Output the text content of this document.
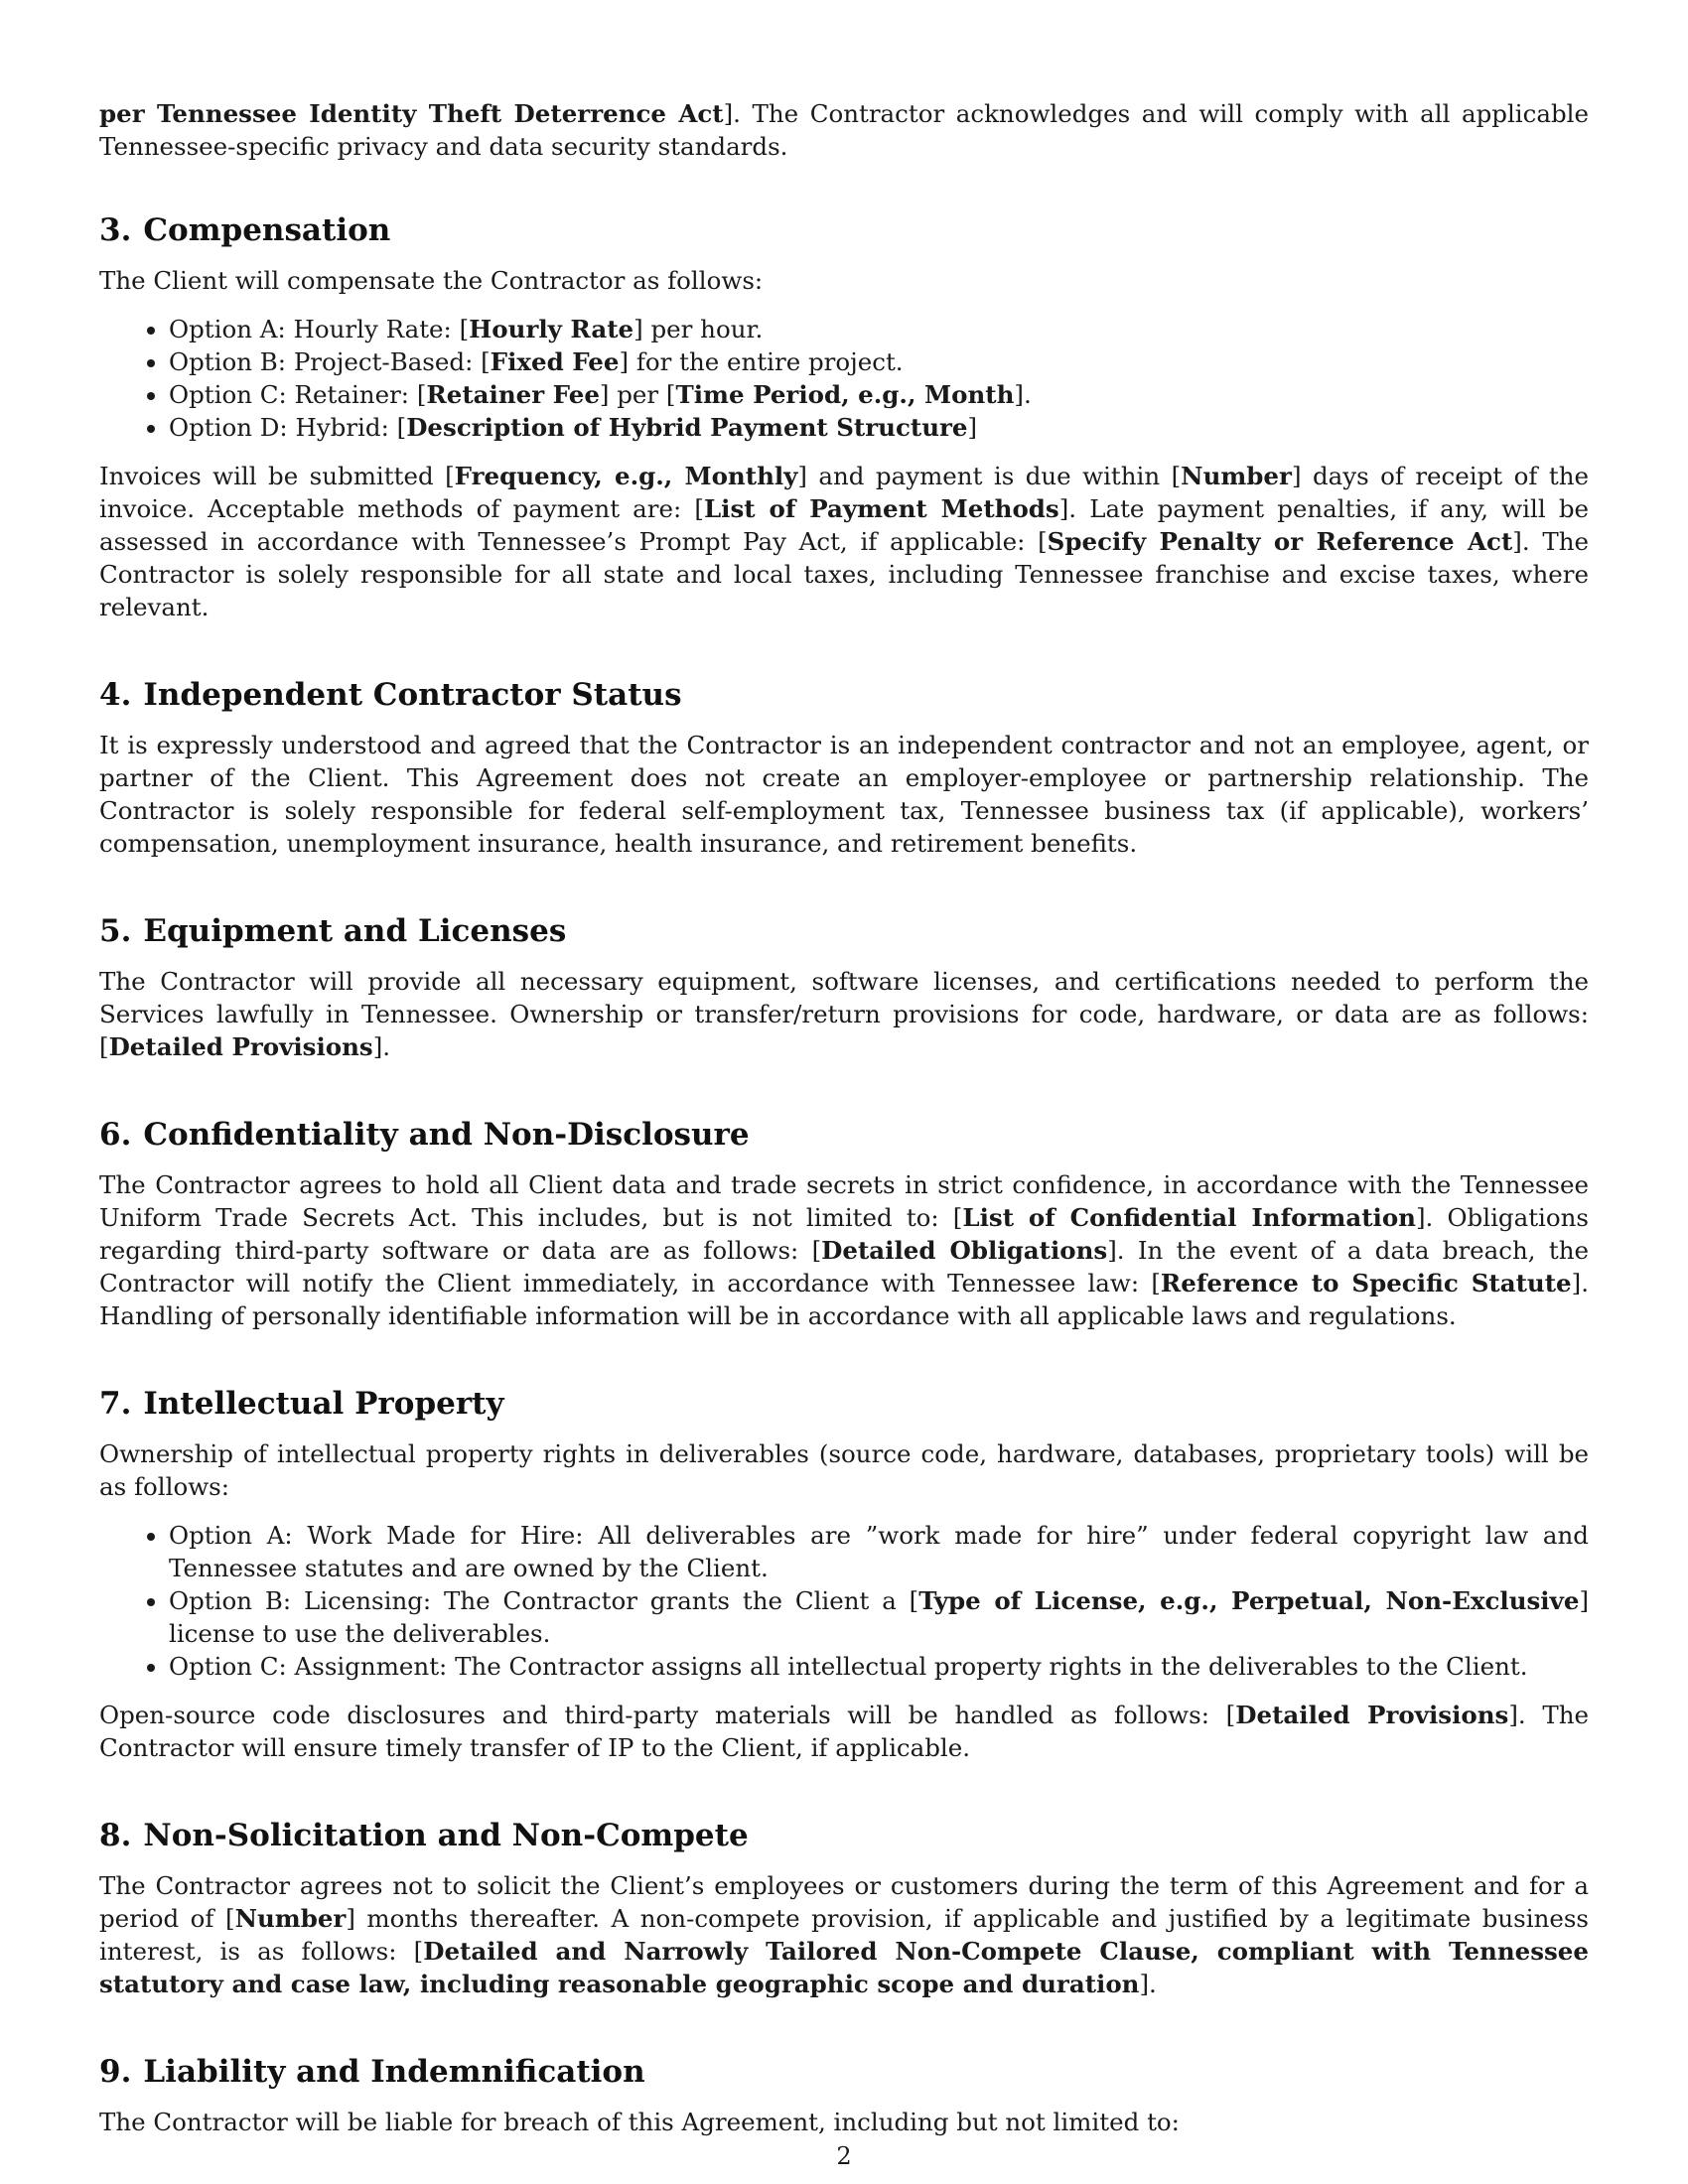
per Tennessee Identity Theft Deterrence Act]. The Contractor acknowledges and will comply with all applicable Tennessee-specific privacy and data security standards.

3. Compensation

The Client will compensate the Contractor as follows:

• Option A: Hourly Rate: [Hourly Rate] per hour.
• Option B: Project-Based: [Fixed Fee] for the entire project.
• Option C: Retainer: [Retainer Fee] per [Time Period, e.g., Month].
• Option D: Hybrid: [Description of Hybrid Payment Structure]

Invoices will be submitted [Frequency, e.g., Monthly] and payment is due within [Number] days of receipt of the invoice. Acceptable methods of payment are: [List of Payment Methods]. Late payment penalties, if any, will be assessed in accordance with Tennessee’s Prompt Pay Act, if applicable: [Specify Penalty or Reference Act]. The Contractor is solely responsible for all state and local taxes, including Tennessee franchise and excise taxes, where relevant.

4. Independent Contractor Status

It is expressly understood and agreed that the Contractor is an independent contractor and not an employee, agent, or partner of the Client. This Agreement does not create an employer-employee or partnership relationship. The Contractor is solely responsible for federal self-employment tax, Tennessee business tax (if applicable), workers’ compensation, unemployment insurance, health insurance, and retirement benefits.

5. Equipment and Licenses

The Contractor will provide all necessary equipment, software licenses, and certifications needed to perform the Services lawfully in Tennessee. Ownership or transfer/return provisions for code, hardware, or data are as follows: [Detailed Provisions].

6. Confidentiality and Non-Disclosure

The Contractor agrees to hold all Client data and trade secrets in strict confidence, in accordance with the Tennessee Uniform Trade Secrets Act. This includes, but is not limited to: [List of Confidential Information]. Obligations regarding third-party software or data are as follows: [Detailed Obligations]. In the event of a data breach, the Contractor will notify the Client immediately, in accordance with Tennessee law: [Reference to Specific Statute]. Handling of personally identifiable information will be in accordance with all applicable laws and regulations.

7. Intellectual Property

Ownership of intellectual property rights in deliverables (source code, hardware, databases, proprietary tools) will be as follows:

• Option A: Work Made for Hire: All deliverables are ”work made for hire” under federal copyright law and Tennessee statutes and are owned by the Client.
• Option B: Licensing: The Contractor grants the Client a [Type of License, e.g., Perpetual, Non-Exclusive] license to use the deliverables.
• Option C: Assignment: The Contractor assigns all intellectual property rights in the deliverables to the Client.

Open-source code disclosures and third-party materials will be handled as follows: [Detailed Provisions]. The Contractor will ensure timely transfer of IP to the Client, if applicable.

8. Non-Solicitation and Non-Compete

The Contractor agrees not to solicit the Client’s employees or customers during the term of this Agreement and for a period of [Number] months thereafter. A non-compete provision, if applicable and justified by a legitimate business interest, is as follows: [Detailed and Narrowly Tailored Non-Compete Clause, compliant with Tennessee statutory and case law, including reasonable geographic scope and duration].

9. Liability and Indemnification

The Contractor will be liable for breach of this Agreement, including but not limited to:

2
